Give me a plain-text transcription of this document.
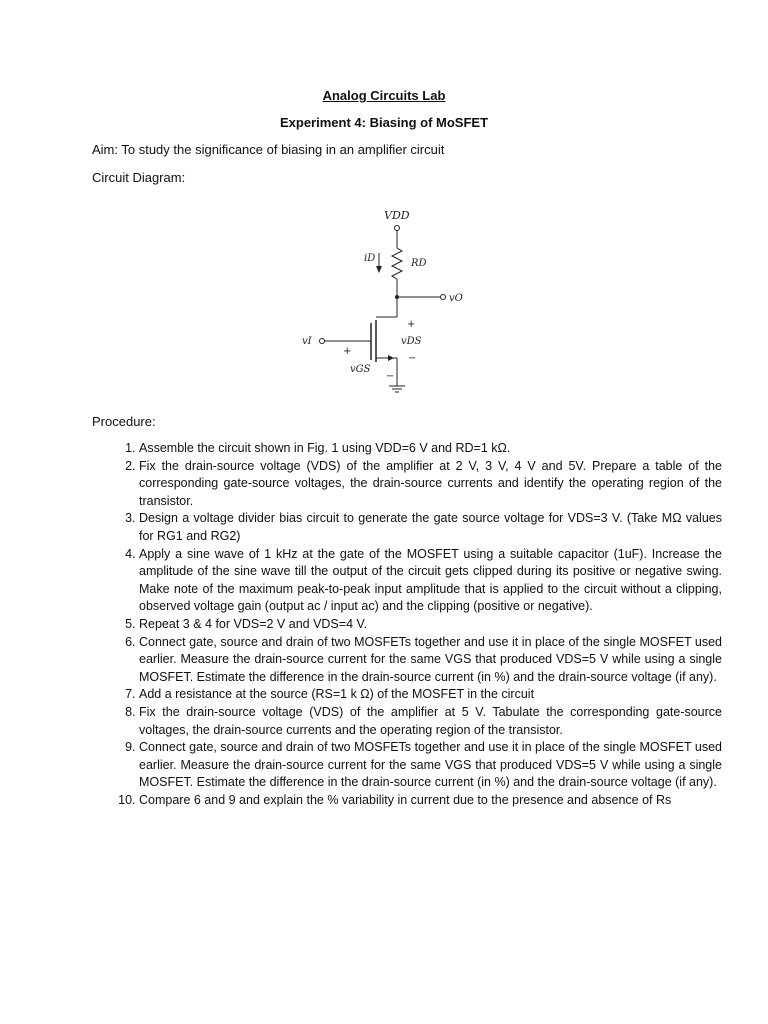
Analog Circuits Lab
Experiment 4: Biasing of MoSFET
Aim: To study the significance of biasing in an amplifier circuit
Circuit Diagram:
VDD
iD	RD
vO
vI
+
vDS
−
+
vGS
−
Procedure:
1. Assemble the circuit shown in Fig. 1 using VDD=6 V and RD=1 kΩ.
2. Fix the drain-source voltage (VDS) of the amplifier at 2 V, 3 V, 4 V and 5V. Prepare a table of the corresponding gate-source voltages, the drain-source currents and identify the operating region of the transistor.
3. Design a voltage divider bias circuit to generate the gate source voltage for VDS=3 V. (Take MΩ values for RG1 and RG2)
4. Apply a sine wave of 1 kHz at the gate of the MOSFET using a suitable capacitor (1uF). Increase the amplitude of the sine wave till the output of the circuit gets clipped during its positive or negative swing. Make note of the maximum peak-to-peak input amplitude that is applied to the circuit without a clipping, observed voltage gain (output ac / input ac) and the clipping (positive or negative).
5. Repeat 3 & 4 for VDS=2 V and VDS=4 V.
6. Connect gate, source and drain of two MOSFETs together and use it in place of the single MOSFET used earlier. Measure the drain-source current for the same VGS that produced VDS=5 V while using a single MOSFET. Estimate the difference in the drain-source current (in %) and the drain-source voltage (if any).
7. Add a resistance at the source (RS=1 k Ω) of the MOSFET in the circuit
8. Fix the drain-source voltage (VDS) of the amplifier at 5 V. Tabulate the corresponding gate-source voltages, the drain-source currents and the operating region of the transistor.
9. Connect gate, source and drain of two MOSFETs together and use it in place of the single MOSFET used earlier. Measure the drain-source current for the same VGS that produced VDS=5 V while using a single MOSFET. Estimate the difference in the drain-source current (in %) and the drain-source voltage (if any).
10. Compare 6 and 9 and explain the % variability in current due to the presence and absence of Rs
